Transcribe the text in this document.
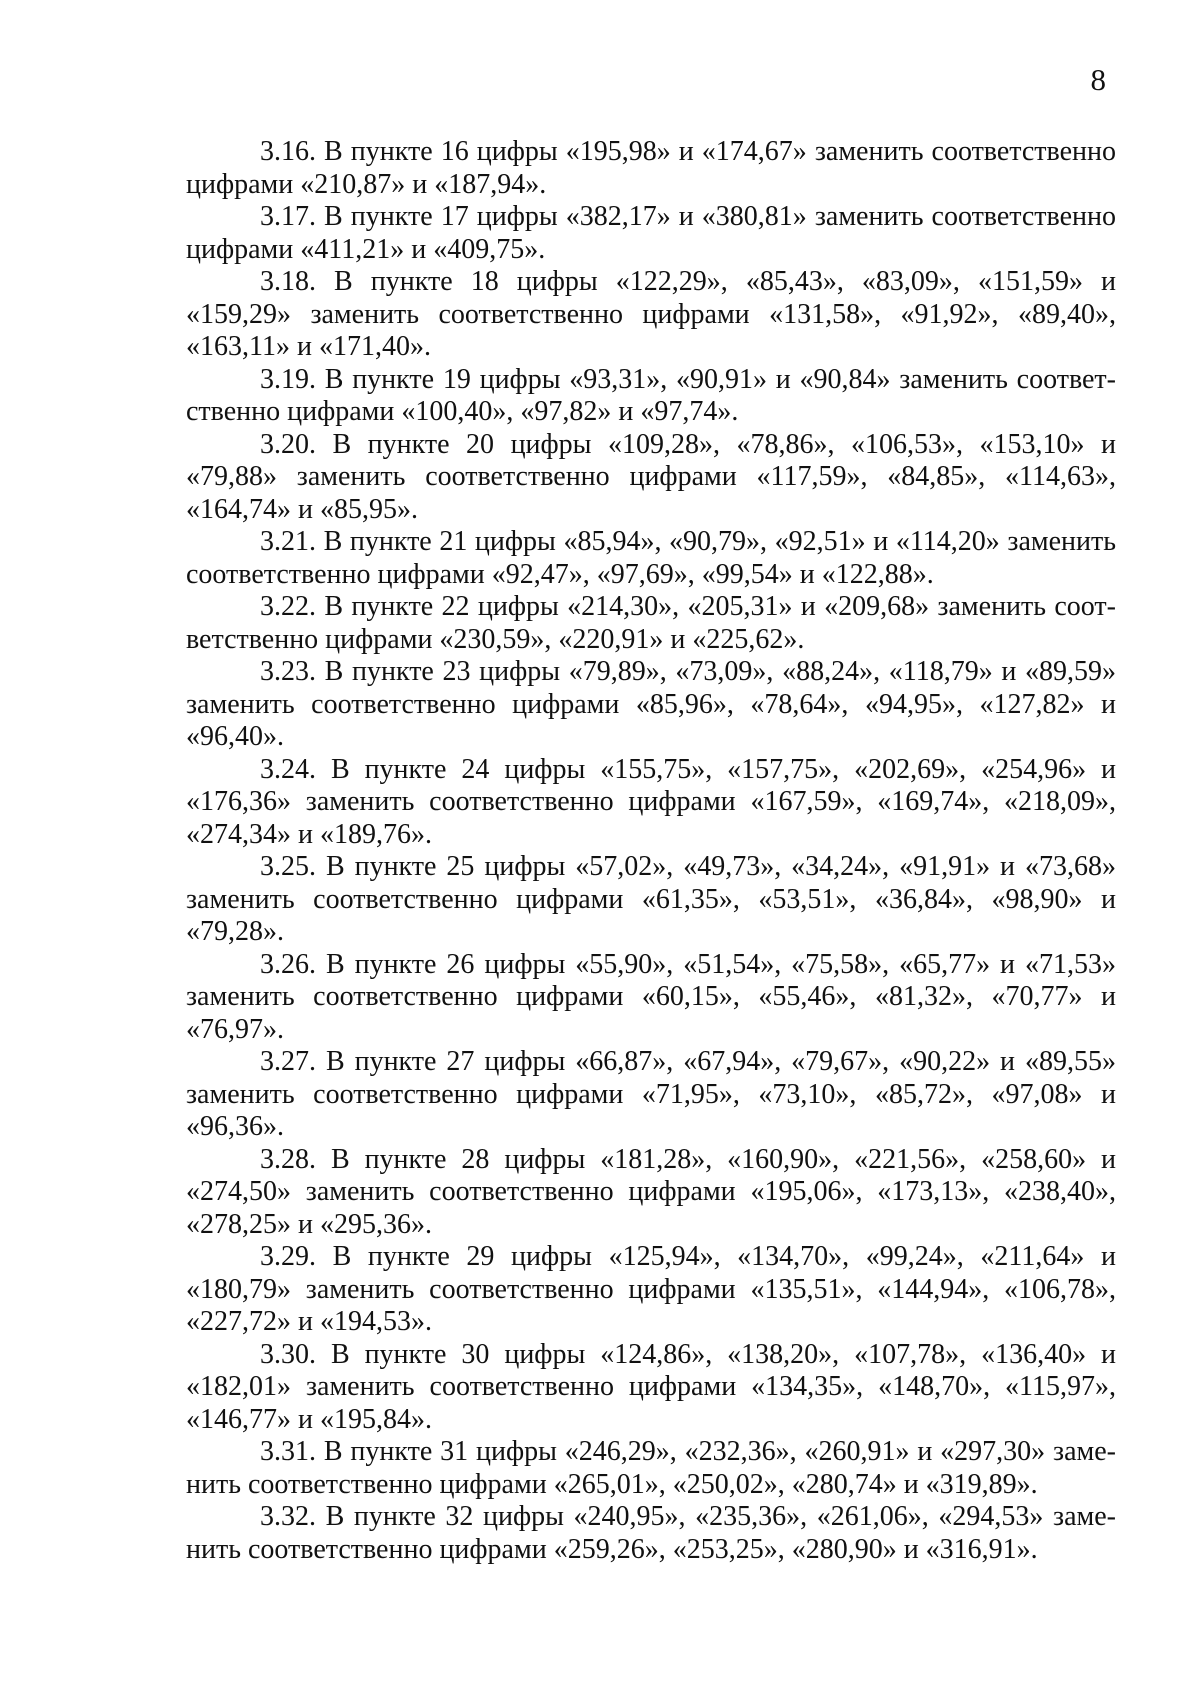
8

3.16. В пункте 16 цифры «195,98» и «174,67» заменить соответственно цифрами «210,87» и «187,94».

3.17. В пункте 17 цифры «382,17» и «380,81» заменить соответственно цифрами «411,21» и «409,75».

3.18. В пункте 18 цифры «122,29», «85,43», «83,09», «151,59» и «159,29» заменить соответственно цифрами «131,58», «91,92», «89,40», «163,11» и «171,40».

3.19. В пункте 19 цифры «93,31», «90,91» и «90,84» заменить соответственно цифрами «100,40», «97,82» и «97,74».

3.20. В пункте 20 цифры «109,28», «78,86», «106,53», «153,10» и «79,88» заменить соответственно цифрами «117,59», «84,85», «114,63», «164,74» и «85,95».

3.21. В пункте 21 цифры «85,94», «90,79», «92,51» и «114,20» заменить соответственно цифрами «92,47», «97,69», «99,54» и «122,88».

3.22. В пункте 22 цифры «214,30», «205,31» и «209,68» заменить соответственно цифрами «230,59», «220,91» и «225,62».

3.23. В пункте 23 цифры «79,89», «73,09», «88,24», «118,79» и «89,59» заменить соответственно цифрами «85,96», «78,64», «94,95», «127,82» и «96,40».

3.24. В пункте 24 цифры «155,75», «157,75», «202,69», «254,96» и «176,36» заменить соответственно цифрами «167,59», «169,74», «218,09», «274,34» и «189,76».

3.25. В пункте 25 цифры «57,02», «49,73», «34,24», «91,91» и «73,68» заменить соответственно цифрами «61,35», «53,51», «36,84», «98,90» и «79,28».

3.26. В пункте 26 цифры «55,90», «51,54», «75,58», «65,77» и «71,53» заменить соответственно цифрами «60,15», «55,46», «81,32», «70,77» и «76,97».

3.27. В пункте 27 цифры «66,87», «67,94», «79,67», «90,22» и «89,55» заменить соответственно цифрами «71,95», «73,10», «85,72», «97,08» и «96,36».

3.28. В пункте 28 цифры «181,28», «160,90», «221,56», «258,60» и «274,50» заменить соответственно цифрами «195,06», «173,13», «238,40», «278,25» и «295,36».

3.29. В пункте 29 цифры «125,94», «134,70», «99,24», «211,64» и «180,79» заменить соответственно цифрами «135,51», «144,94», «106,78», «227,72» и «194,53».

3.30. В пункте 30 цифры «124,86», «138,20», «107,78», «136,40» и «182,01» заменить соответственно цифрами «134,35», «148,70», «115,97», «146,77» и «195,84».

3.31. В пункте 31 цифры «246,29», «232,36», «260,91» и «297,30» заменить соответственно цифрами «265,01», «250,02», «280,74» и «319,89».

3.32. В пункте 32 цифры «240,95», «235,36», «261,06», «294,53» заменить соответственно цифрами «259,26», «253,25», «280,90» и «316,91».
